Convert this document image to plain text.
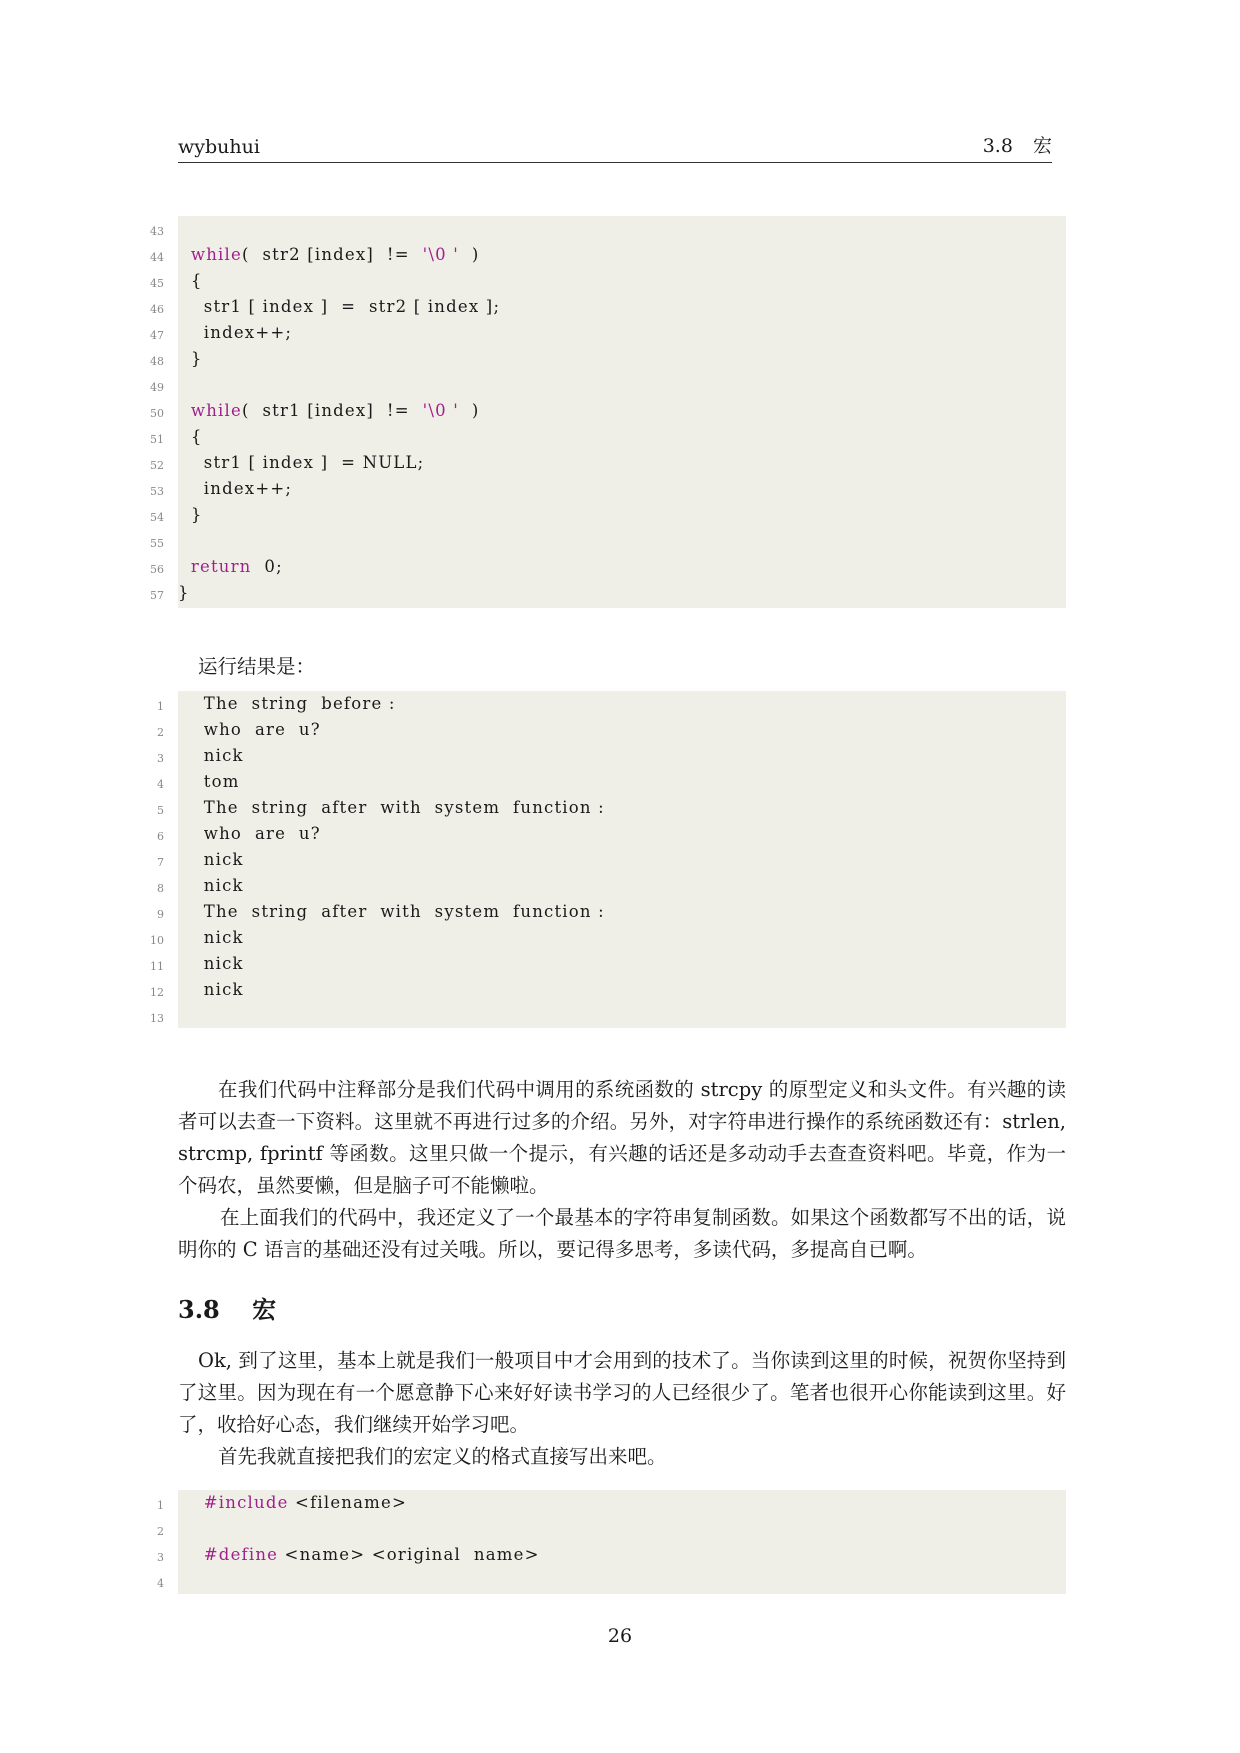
wybuhui	3.8 宏
43
44	while(  str2 [index]  !=  '\0 '  )
45 {
46 str1 [ index ]  =  str2 [ index ];
47 index++;
48 }
49
50	while(  str1 [index]  !=  '\0 '  )
51 {
52 str1 [ index ]  = NULL;
53 index++;
54 }
55
56	return  0;
57 }
运行结果是：
1 The  string  before :
2 who  are  u?
3 nick
4 tom
5 The  string  after  with  system  function :
6 who  are  u?
7 nick
8 nick
9 The  string  after  with  system  function :
10 nick
11 nick
12 nick
13
在我们代码中注释部分是我们代码中调用的系统函数的 strcpy 的原型定义和头文件。有兴趣的读者可以去查一下资料。这里就不再进行过多的介绍。另外，对字符串进行操作的系统函数还有：strlen, strcmp, fprintf 等函数。这里只做一个提示，有兴趣的话还是多动动手去查查资料吧。毕竟，作为一个码农，虽然要懒，但是脑子可不能懒啦。
在上面我们的代码中，我还定义了一个最基本的字符串复制函数。如果这个函数都写不出的话，说明你的 C 语言的基础还没有过关哦。所以，要记得多思考，多读代码，多提高自已啊。
3.8 宏
Ok, 到了这里，基本上就是我们一般项目中才会用到的技术了。当你读到这里的时候，祝贺你坚持到了这里。因为现在有一个愿意静下心来好好读书学习的人已经很少了。笔者也很开心你能读到这里。好了，收拾好心态，我们继续开始学习吧。
首先我就直接把我们的宏定义的格式直接写出来吧。
1	#include <filename>
2
3	#define <name> <original  name>
4
26
